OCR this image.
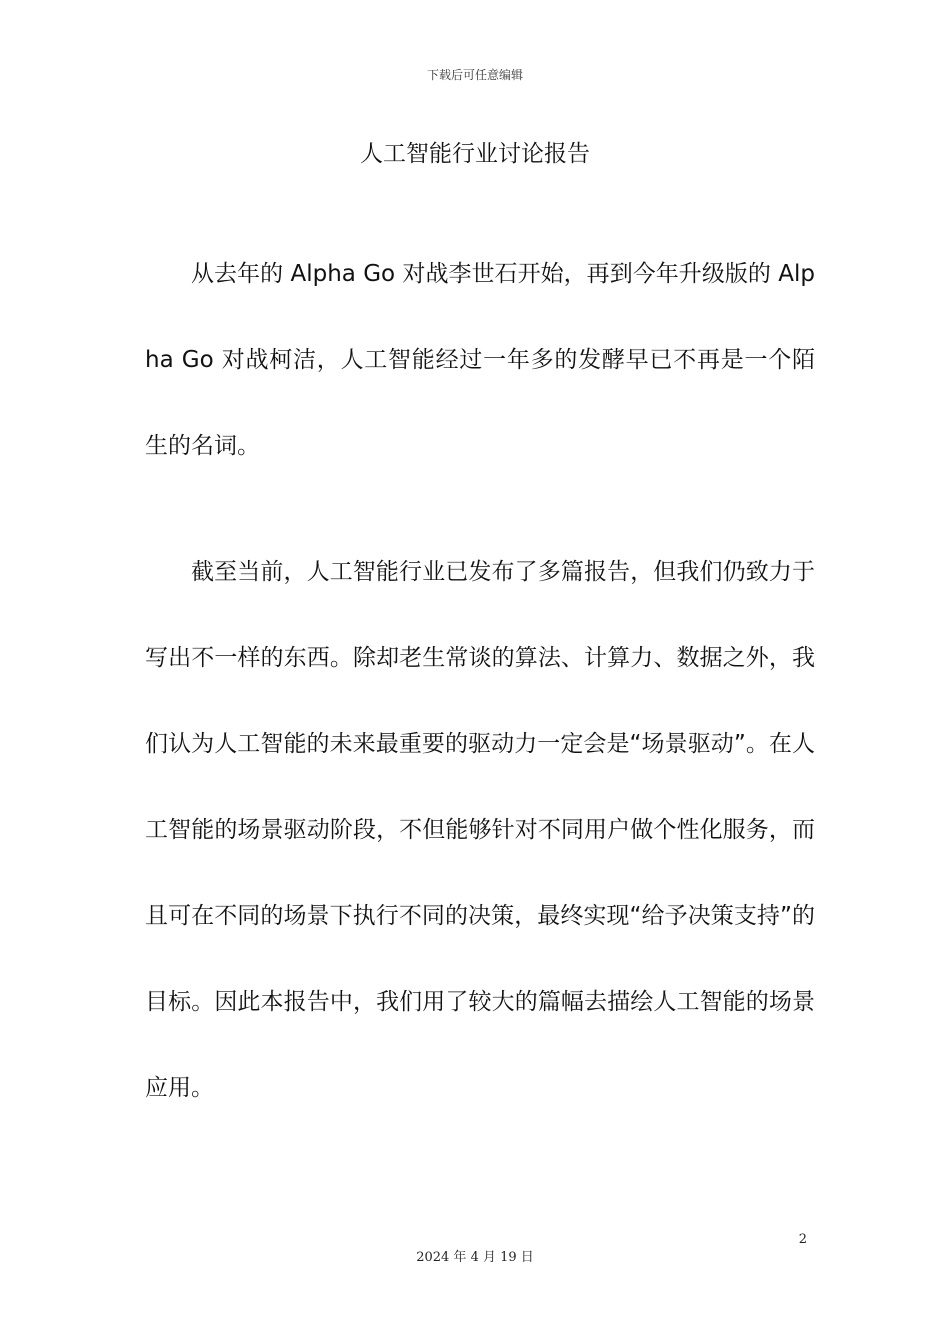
下载后可任意编辑
人工智能行业讨论报告

从去年的 Alpha Go 对战李世石开始，再到今年升级版的 Alpha Go 对战柯洁，人工智能经过一年多的发酵早已不再是一个陌生的名词。

截至当前，人工智能行业已发布了多篇报告，但我们仍致力于写出不一样的东西。除却老生常谈的算法、计算力、数据之外，我们认为人工智能的未来最重要的驱动力一定会是“场景驱动”。在人工智能的场景驱动阶段，不但能够针对不同用户做个性化服务，而且可在不同的场景下执行不同的决策，最终实现“给予决策支持”的目标。因此本报告中，我们用了较大的篇幅去描绘人工智能的场景应用。

2
2024 年 4 月 19 日
